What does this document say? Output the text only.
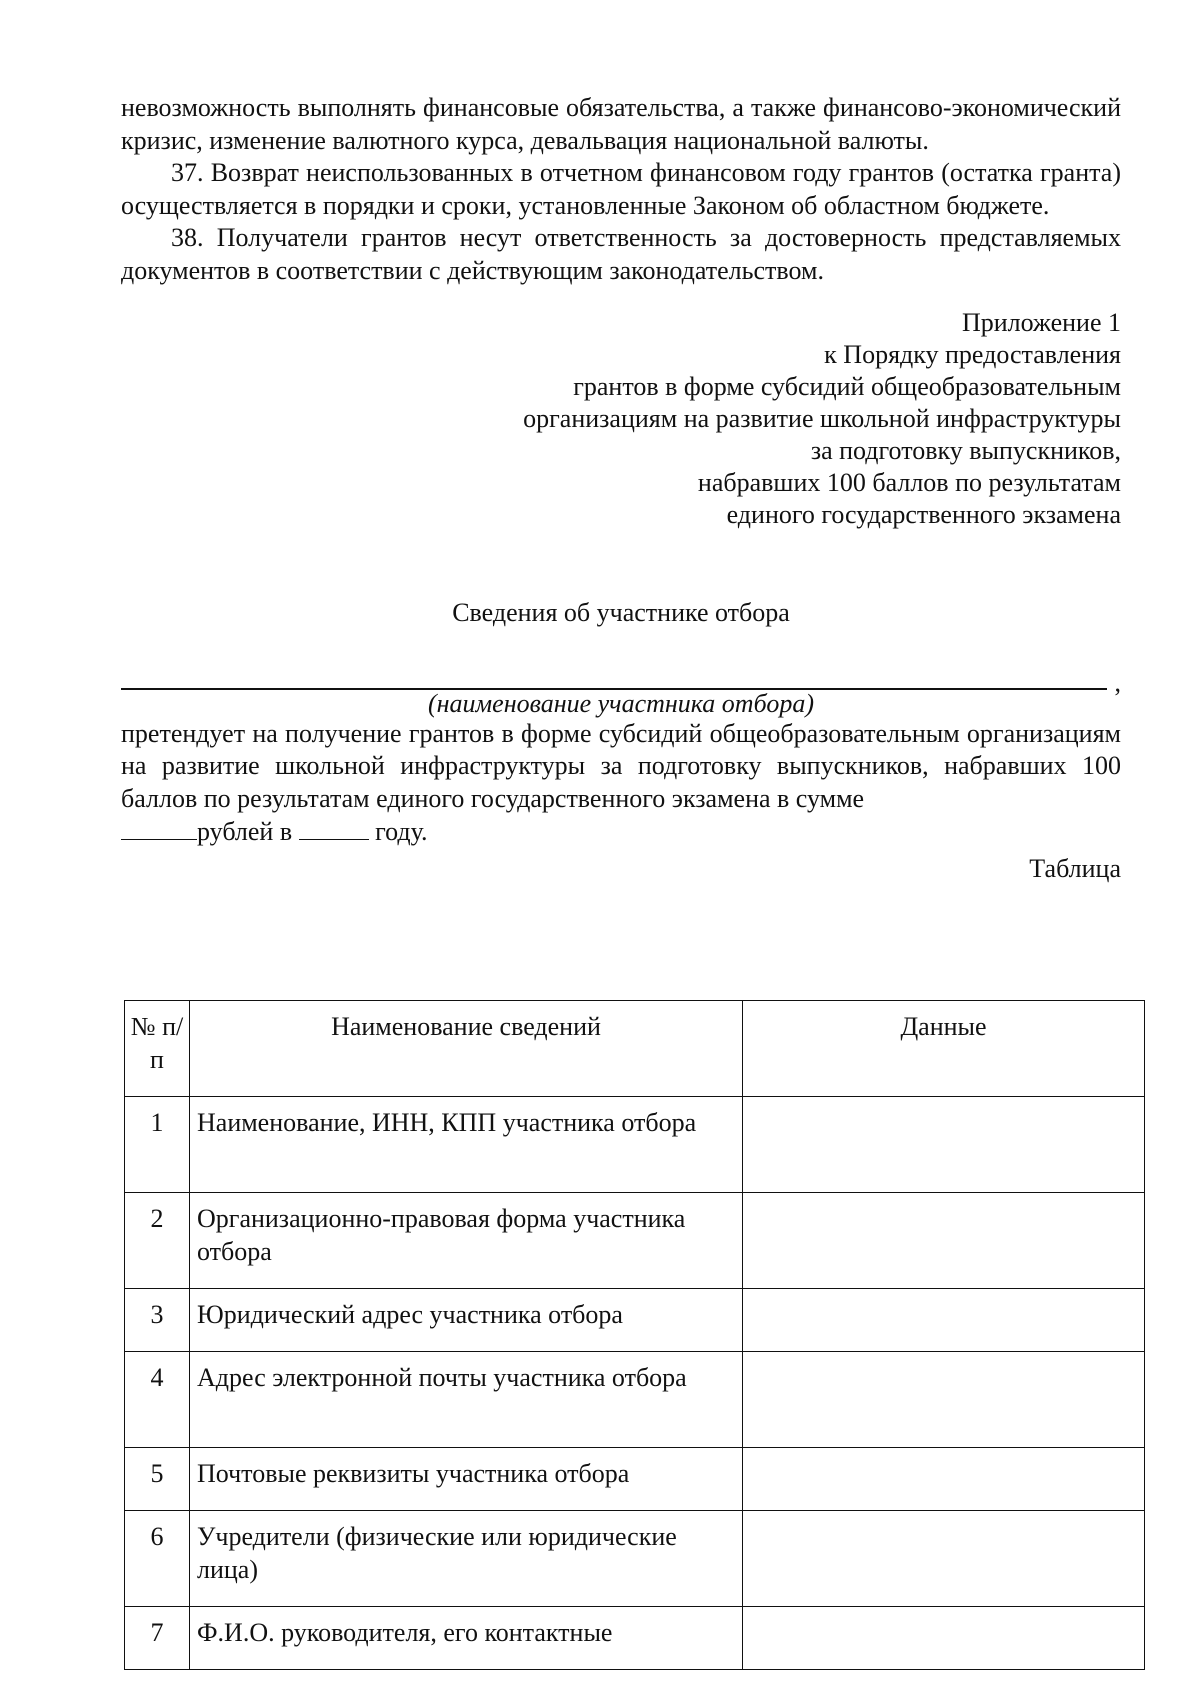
невозможность выполнять финансовые обязательства, а также финансово-экономический кризис, изменение валютного курса, девальвация национальной валюты.

37. Возврат неиспользованных в отчетном финансовом году грантов (остатка гранта) осуществляется в порядки и сроки, установленные Законом об областном бюджете.

38. Получатели грантов несут ответственность за достоверность представляемых документов в соответствии с действующим законодательством.

Приложение 1
к Порядку предоставления
грантов в форме субсидий общеобразовательным
организациям на развитие школьной инфраструктуры
за подготовку выпускников,
набравших 100 баллов по результатам
единого государственного экзамена
Сведения об участнике отбора
,
(наименование участника отбора)

претендует на получение грантов в форме субсидий общеобразовательным организациям на развитие школьной инфраструктуры за подготовку выпускников, набравших 100 баллов по результатам единого государственного экзамена в сумме
рублей в	году.

Таблица
№ п/п	Наименование сведений	Данные
1	Наименование, ИНН, КПП участника отбора	
2	Организационно-правовая форма участника отбора	
3	Юридический адрес участника отбора	
4	Адрес электронной почты участника отбора	
5	Почтовые реквизиты участника отбора	
6	Учредители (физические или юридические лица)	
7	Ф.И.О. руководителя, его контактные	
